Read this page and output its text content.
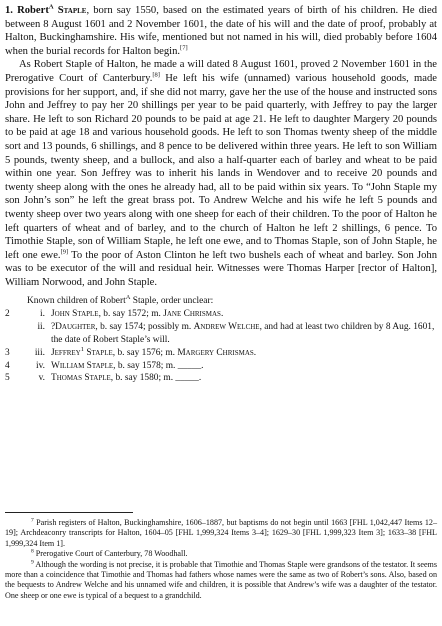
1. Robert$^A$ Staple, born say 1550, based on the estimated years of birth of his children. He died between 8 August 1601 and 2 November 1601, the date of his will and the date of proof, probably at Halton, Buckinghamshire. His wife, mentioned but not named in his will, died probably before 1604 when the burial records for Halton begin.[7]

As Robert Staple of Halton, he made a will dated 8 August 1601, proved 2 November 1601 in the Prerogative Court of Canterbury.[8] He left his wife (unnamed) various household goods, made provisions for her support, and, if she did not marry, gave her the use of the house and instructed sons John and Jeffrey to pay her 20 shillings per year to be paid quarterly, with Jeffrey to pay the larger share. He left to son Richard 20 pounds to be paid at age 21. He left to daughter Margery 20 pounds to be paid at age 18 and various household goods. He left to son Thomas twenty sheep of the middle sort and 13 pounds, 6 shillings, and 8 pence to be delivered within three years. He left to son William 5 pounds, twenty sheep, and a bullock, and also a half-quarter each of barley and wheat to be paid within one year. Son Jeffrey was to inherit his lands in Wendover and to receive 20 pounds and twenty sheep along with the ones he already had, all to be paid within six years. To “John Staple my son John’s son” he left the great brass pot. To Andrew Welche and his wife he left 5 pounds and twenty sheep over two years along with one sheep for each of their children. To the poor of Halton he left quarters of wheat and of barley, and to the church of Halton he left 2 shillings, 6 pence. To Timothie Staple, son of William Staple, he left one ewe, and to Thomas Staple, son of John Staple, he left one ewe.[9] To the poor of Aston Clinton he left two bushels each of wheat and barley. Son John was to be executor of the will and residual heir. Witnesses were Thomas Harper [rector of Halton], William Norwood, and John Staple.

Known children of Robert$^A$ Staple, order unclear:

2	i. John Staple, b. say 1572; m. Jane Chrismas.
ii. ?Daughter, b. say 1574; possibly m. Andrew Welche, and had at least two children by 8 Aug. 1601, the date of Robert Staple’s will.
3	iii. Jeffrey$^1$ Staple, b. say 1576; m. Margery Chrismas.
4	iv. William Staple, b. say 1578; m. _____.
5	v. Thomas Staple, b. say 1580; m. _____.

$^7$ Parish registers of Halton, Buckinghamshire, 1606–1887, but baptisms do not begin until 1663 [FHL 1,042,447 Items 12–19]; Archdeaconry transcripts for Halton, 1604–05 [FHL 1,999,324 Items 3–4]; 1629–30 [FHL 1,999,323 Item 3]; 1633–38 [FHL 1,999,324 Item 1].

$^8$ Prerogative Court of Canterbury, 78 Woodhall.

$^9$ Although the wording is not precise, it is probable that Timothie and Thomas Staple were grandsons of the testator. It seems more than a coincidence that Timothie and Thomas had fathers whose names were the same as two of Robert’s sons. Also, based on the bequests to Andrew Welche and his unnamed wife and children, it is possible that Andrew’s wife was a daughter of the testator. One sheep or one ewe is typical of a bequest to a grandchild.
